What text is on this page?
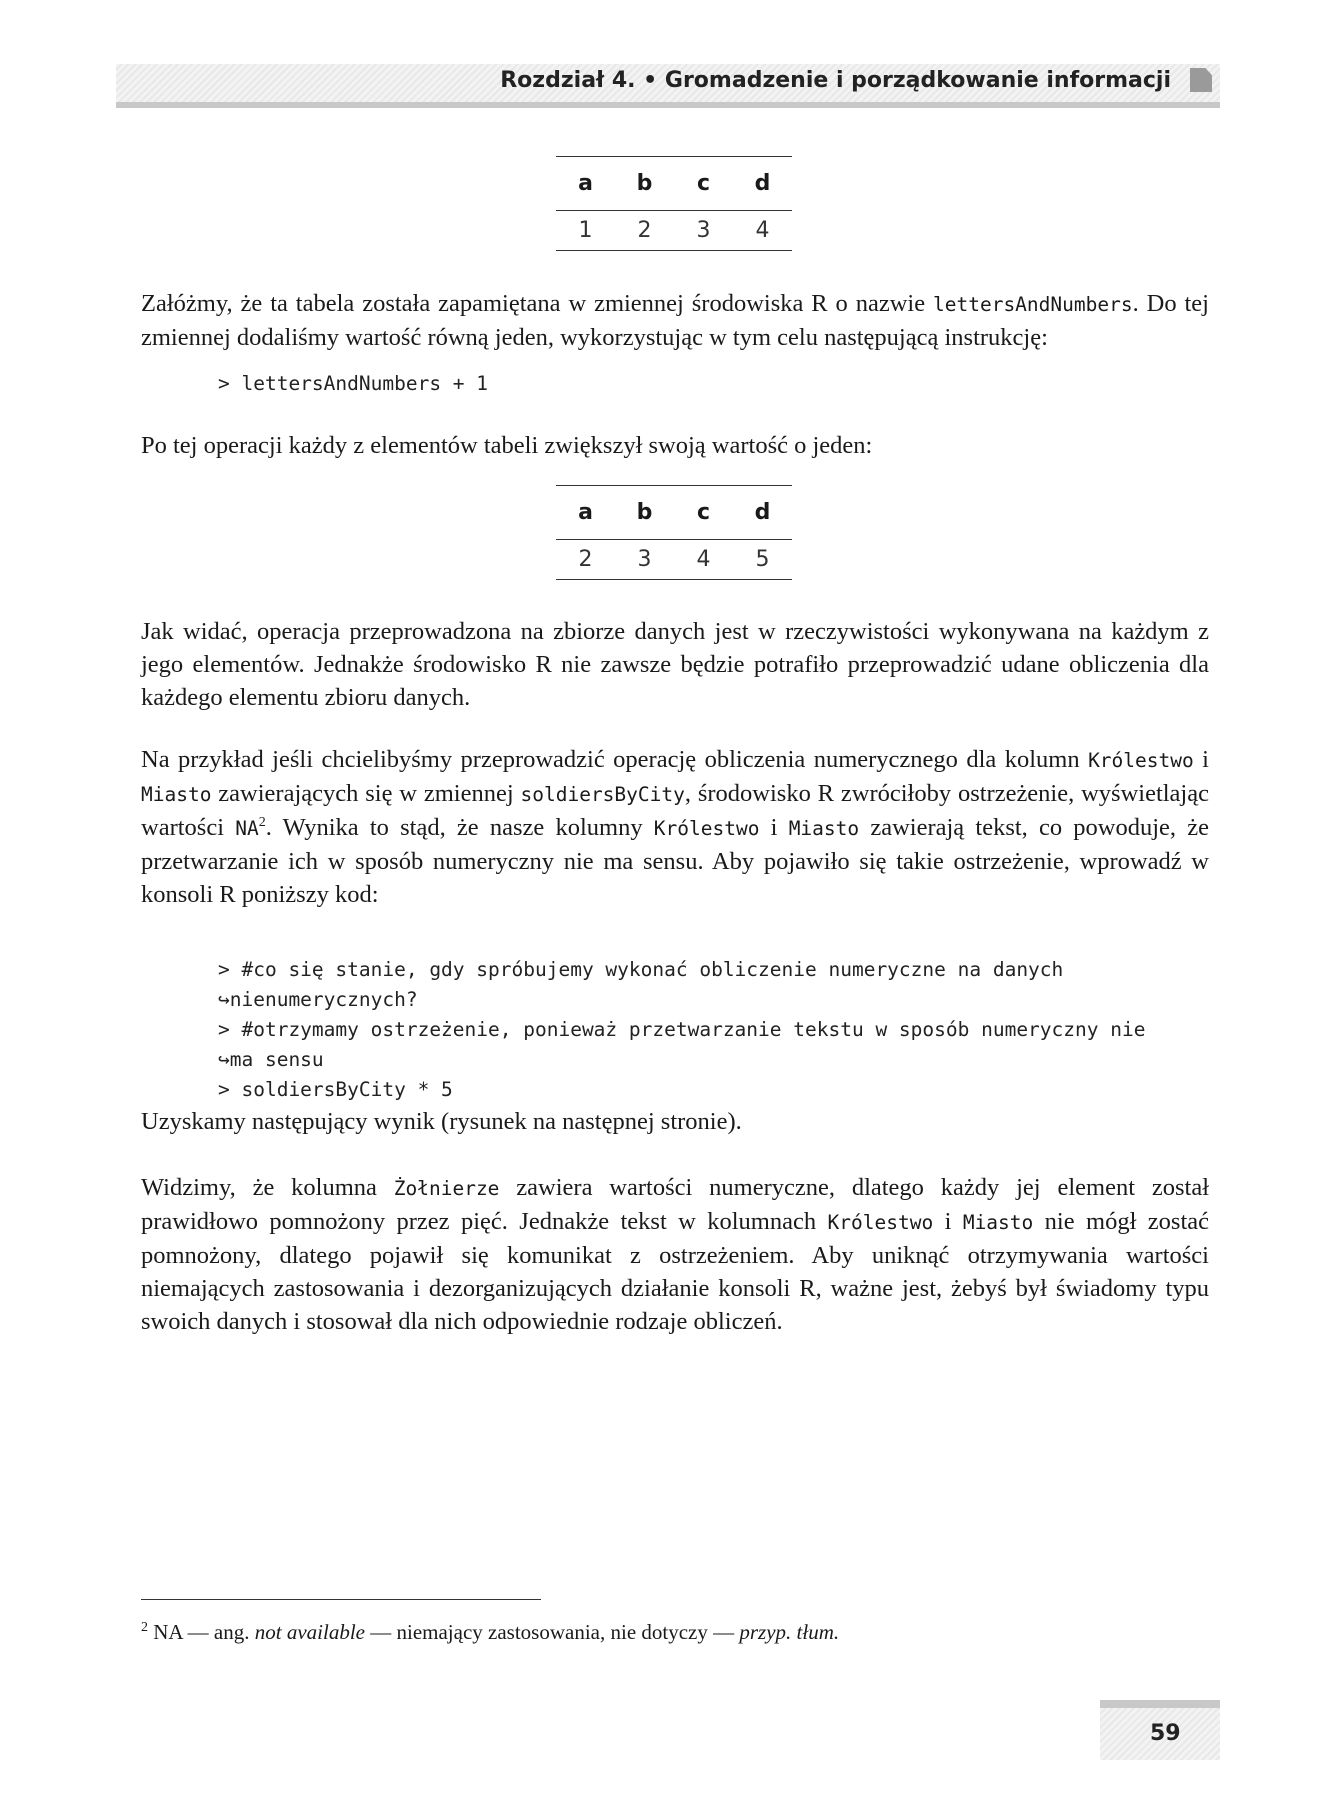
Rozdział 4. • Gromadzenie i porządkowanie informacji
a	b	c	d
1	2	3	4

Załóżmy, że ta tabela została zapamiętana w zmiennej środowiska R o nazwie lettersAndNumbers. Do tej zmiennej dodaliśmy wartość równą jeden, wykorzystując w tym celu następującą instrukcję:

> lettersAndNumbers + 1

Po tej operacji każdy z elementów tabeli zwiększył swoją wartość o jeden:

a	b	c	d
2	3	4	5

Jak widać, operacja przeprowadzona na zbiorze danych jest w rzeczywistości wykonywana na każdym z jego elementów. Jednakże środowisko R nie zawsze będzie potrafiło przeprowadzić udane obliczenia dla każdego elementu zbioru danych.

Na przykład jeśli chcielibyśmy przeprowadzić operację obliczenia numerycznego dla kolumn Królestwo i Miasto zawierających się w zmiennej soldiersByCity, środowisko R zwróciłoby ostrzeżenie, wyświetlając wartości $NA^2$. Wynika to stąd, że nasze kolumny Królestwo i Miasto zawierają tekst, co powoduje, że przetwarzanie ich w sposób numeryczny nie ma sensu. Aby pojawiło się takie ostrzeżenie, wprowadź w konsoli R poniższy kod:

> #co się stanie, gdy spróbujemy wykonać obliczenie numeryczne na danych
↪nienumerycznych?
> #otrzymamy ostrzeżenie, ponieważ przetwarzanie tekstu w sposób numeryczny nie
↪ma sensu
> soldiersByCity * 5

Uzyskamy następujący wynik (rysunek na następnej stronie).

Widzimy, że kolumna Żołnierze zawiera wartości numeryczne, dlatego każdy jej element został prawidłowo pomnożony przez pięć. Jednakże tekst w kolumnach Królestwo i Miasto nie mógł zostać pomnożony, dlatego pojawił się komunikat z ostrzeżeniem. Aby uniknąć otrzymywania wartości niemających zastosowania i dezorganizujących działanie konsoli R, ważne jest, żebyś był świadomy typu swoich danych i stosował dla nich odpowiednie rodzaje obliczeń.

$^2$ NA — ang. not available — niemający zastosowania, nie dotyczy — przyp. tłum.
59
